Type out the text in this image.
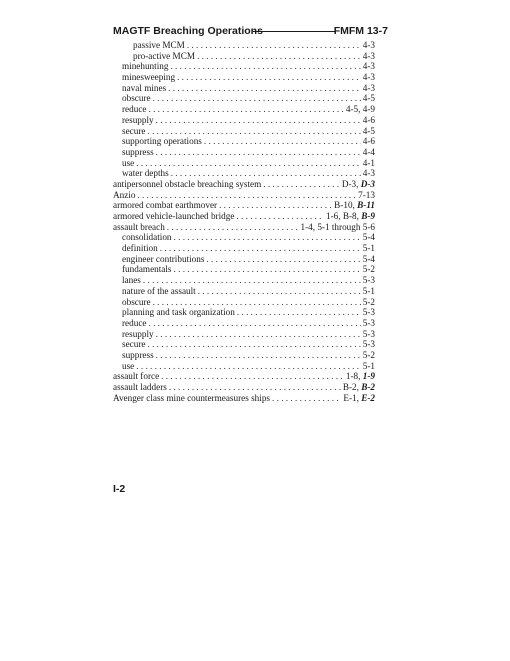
MAGTF Breaching Operations	FMFM 13-7
passive MCM . . .	4-3
pro-active MCM . . .	4-3
minehunting . . .	4-3
minesweeping . . .	4-3
naval mines . . .	4-3
obscure . . .	4-5
reduce . . .	4-5, 4-9
resupply . . .	4-6
secure . . .	4-5
supporting operations . . .	4-6
suppress . . .	4-4
use . . .	4-1
water depths . . .	4-3
antipersonnel obstacle breaching system . . .	D-3, D-3
Anzio . . .	7-13
armored combat earthmover . . .	B-10, B-11
armored vehicle-launched bridge . . .	1-6, B-8, B-9
assault breach . . .	1-4, 5-1 through 5-6
consolidation . . .	5-4
definition . . .	5-1
engineer contributions . . .	5-4
fundamentals . . .	5-2
lanes . . .	5-3
nature of the assault . . .	5-1
obscure . . .	5-2
planning and task organization . . .	5-3
reduce . . .	5-3
resupply . . .	5-3
secure . . .	5-3
suppress . . .	5-2
use . . .	5-1
assault force . . .	1-8, 1-9
assault ladders . . .	B-2, B-2
Avenger class mine countermeasures ships . . .	E-1, E-2
I-2
